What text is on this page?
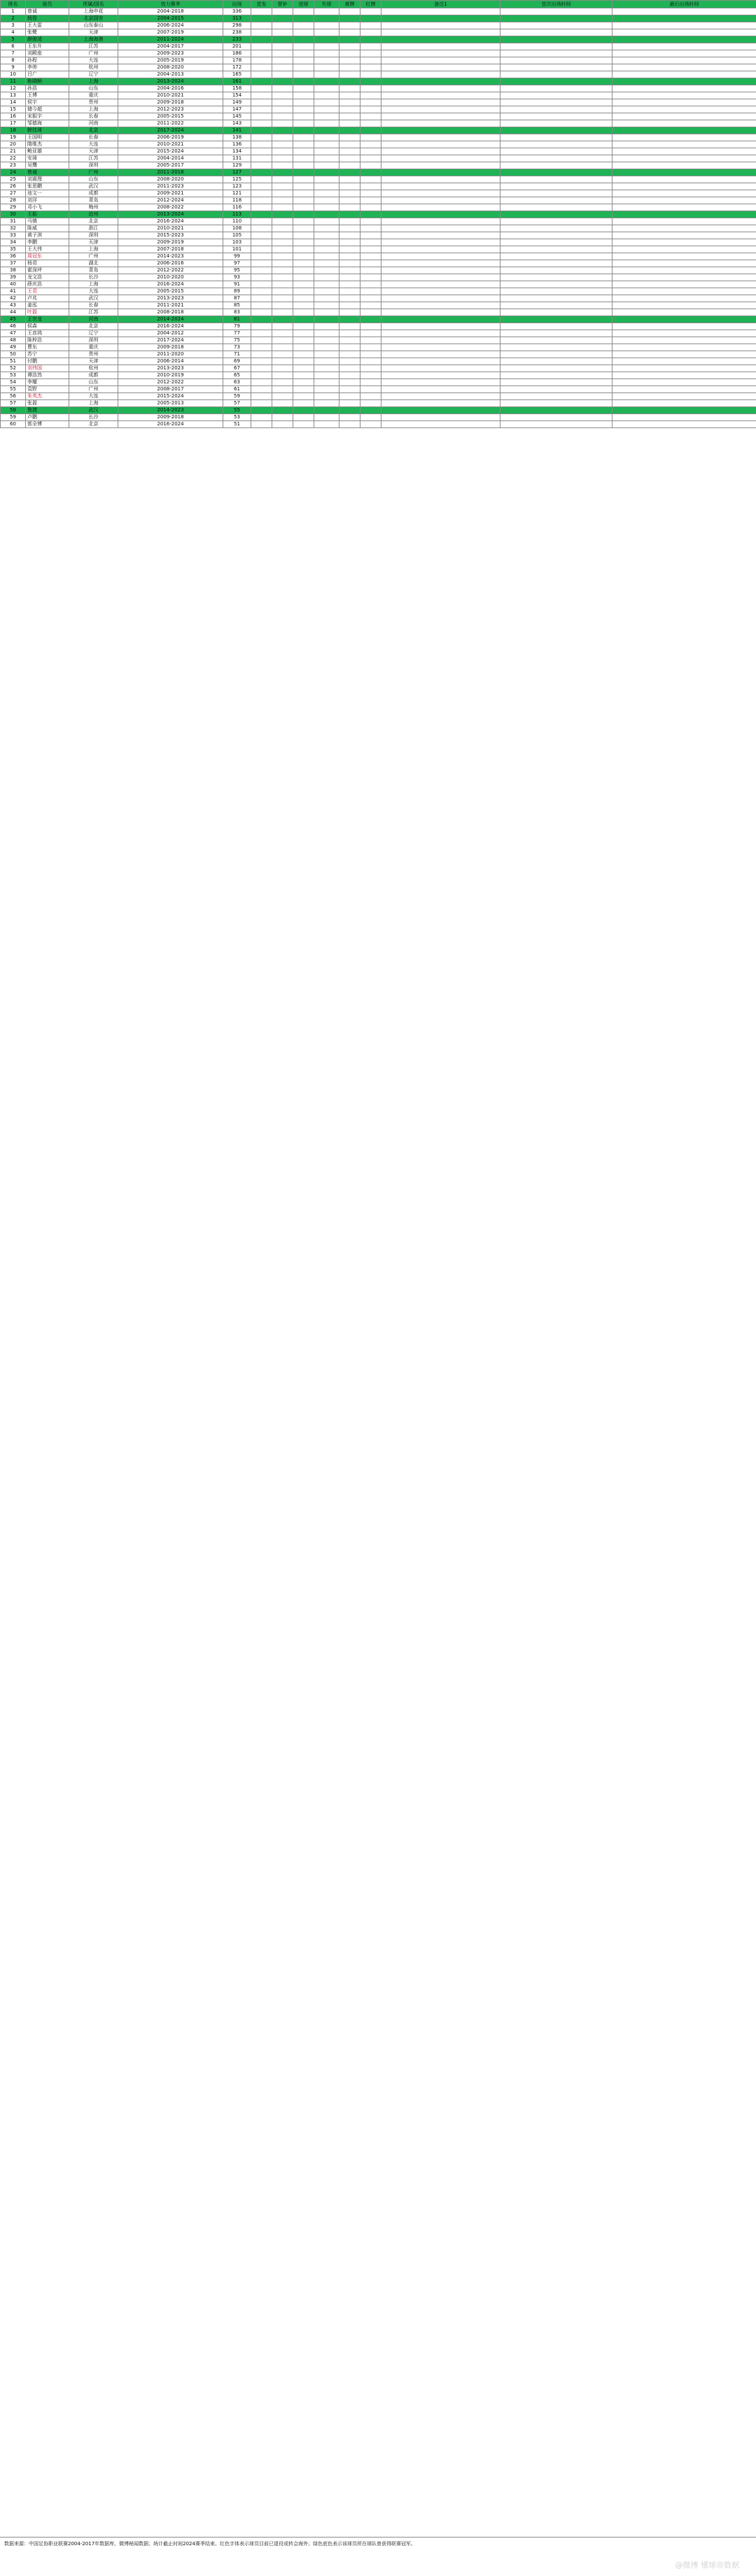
排名	球员	所属/国名	效力赛季	出场	首发	替补	进球	失球	黄牌	红牌	备注1	首次出场时间	最后出场时间
1	曾诚	上海申花	2004-2018	336									
2	杨智	北京国安	2004-2015	313									
3	王大雷	山东泰山	2006-2024	298									
4	张鹭	天津	2007-2019	238									
5	颜骏凌	上海海港	2011-2024	233									
6	王东升	江苏	2004-2017	201									
7	刘殿座	广州	2009-2023	186									
8	孙程	大连	2005-2019	178									
9	李帅	杭州	2008-2020	172									
10	吕广	辽宁	2004-2013	165									
11	耿晓顺	上海	2013-2024	161									
12	孙浩	山东	2004-2016	158									
13	王博	重庆	2010-2021	154									
14	侯宇	贵州	2009-2018	149									
15	储今超	上海	2012-2023	147									
16	宋振宇	长春	2005-2015	145									
17	邹德海	河南	2011-2022	143									
18	韩佳琦	北京	2017-2024	141									
19	王国明	长春	2006-2019	138									
20	隋维杰	大连	2010-2021	136									
21	鲍亚雄	天津	2015-2024	134									
22	安琦	江苏	2004-2014	131									
23	吴龑	深圳	2005-2017	129									
24	曾诚	广州	2011-2018	127									
25	刘震理	山东	2008-2020	125									
26	张思鹏	武汉	2011-2023	123									
27	池文一	成都	2009-2021	121									
28	刘洋	青岛	2012-2024	118									
29	邓小飞	梅州	2008-2022	116									
30	王振	沧州	2013-2024	113									
31	马镇	北京	2016-2024	110									
32	陈威	浙江	2010-2021	108									
33	黄子淇	深圳	2015-2023	105									
34	李鹏	天津	2009-2019	103									
35	王大伟	上海	2007-2018	101									
36	周冠东	广州	2014-2023	99									
37	杨君	湖北	2006-2016	97									
38	霍深坪	青岛	2012-2022	95									
39	龙文浩	长沙	2010-2020	93									
40	薛庆浩	上海	2016-2024	91									
41	王君	大连	2005-2015	89									
42	卢兆	武汉	2013-2023	87									
43	姜泓	长春	2011-2021	85									
44	叶磊	江苏	2008-2018	83									
45	王世龙	河南	2014-2024	81									
46	侯森	北京	2016-2024	79									
47	王彦鸿	辽宁	2004-2012	77									
48	陈梓浩	深圳	2017-2024	75									
49	曹东	重庆	2009-2018	73									
50	苏宁	贵州	2011-2020	71									
51	付鹏	天津	2006-2014	69									
52	刘伟国	杭州	2013-2023	67									
53	谭浩然	成都	2010-2019	65									
54	李耀	山东	2012-2022	63									
55	袁野	广州	2008-2017	61									
56	朱英杰	大连	2015-2024	59									
57	张磊	上海	2005-2013	57									
58	鲁捷	武汉	2014-2023	55									
59	卢鹏	长沙	2009-2018	53									
60	郭全博	北京	2016-2024	51									
数据来源：中国足协职业联赛2004-2017年数据库、微博秘闻数据；统计截止时间2024赛季结束。红色字体表示球员目前已退役或转会海外；绿色底色表示该球员所在球队曾获得联赛冠军。
@微博 懂球帝数据
